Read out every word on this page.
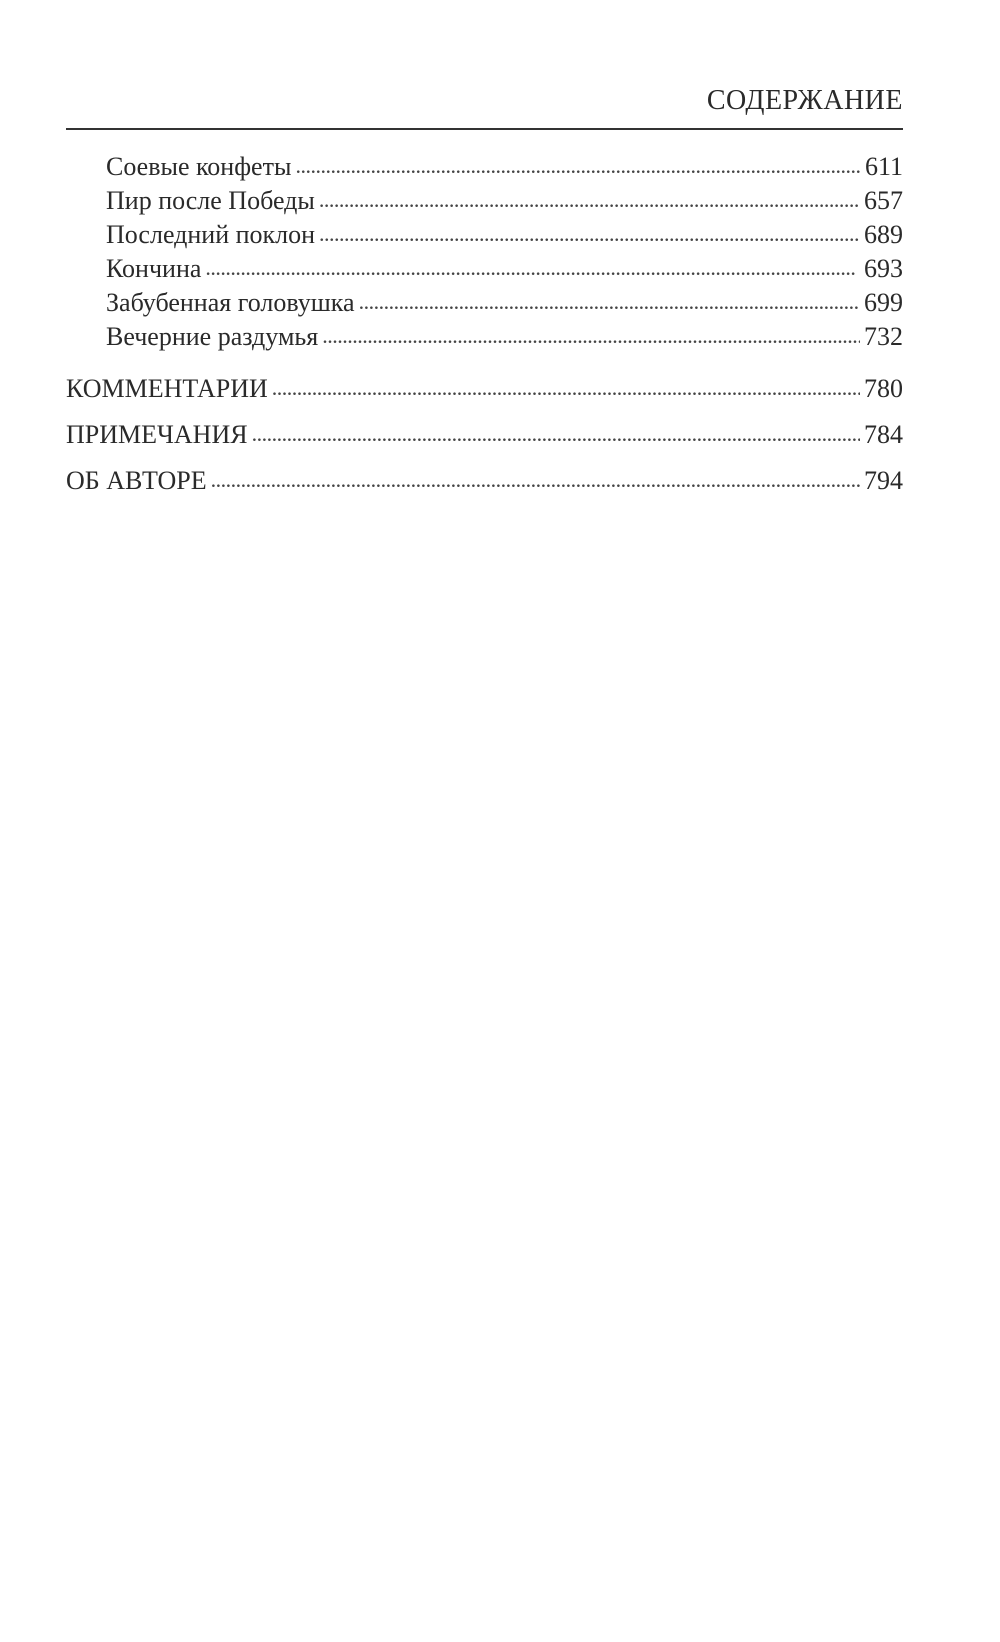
СОДЕРЖАНИЕ
Соевые конфеты . . .	611
Пир после Победы . . .	657
Последний поклон . . .	689
Кончина . . .	693
Забубенная головушка . . .	699
Вечерние раздумья . . .	732
КОММЕНТАРИИ . . .	780
ПРИМЕЧАНИЯ . . .	784
ОБ АВТОРЕ . . .	794
